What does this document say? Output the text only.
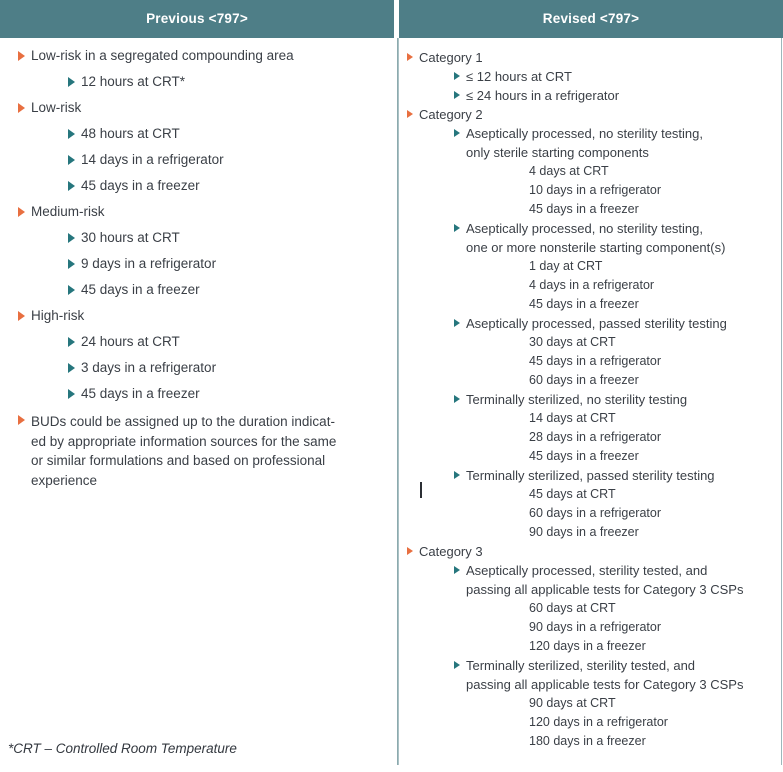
Previous <797>	Revised <797>
Low-risk in a segregated compounding area
12 hours at CRT*
Low-risk
48 hours at CRT
14 days in a refrigerator
45 days in a freezer
Medium-risk
30 hours at CRT
9 days in a refrigerator
45 days in a freezer
High-risk
24 hours at CRT
3 days in a refrigerator
45 days in a freezer
BUDs could be assigned up to the duration indicat-
ed by appropriate information sources for the same
or similar formulations and based on professional
experience
Category 1
≤ 12 hours at CRT
≤ 24 hours in a refrigerator
Category 2
Aseptically processed, no sterility testing,
only sterile starting components
4 days at CRT
10 days in a refrigerator
45 days in a freezer
Aseptically processed, no sterility testing,
one or more nonsterile starting component(s)
1 day at CRT
4 days in a refrigerator
45 days in a freezer
Aseptically processed, passed sterility testing
30 days at CRT
45 days in a refrigerator
60 days in a freezer
Terminally sterilized, no sterility testing
14 days at CRT
28 days in a refrigerator
45 days in a freezer
Terminally sterilized, passed sterility testing
45 days at CRT
60 days in a refrigerator
90 days in a freezer
Category 3
Aseptically processed, sterility tested, and
passing all applicable tests for Category 3 CSPs
60 days at CRT
90 days in a refrigerator
120 days in a freezer
Terminally sterilized, sterility tested, and
passing all applicable tests for Category 3 CSPs
90 days at CRT
120 days in a refrigerator
180 days in a freezer
*CRT – Controlled Room Temperature
